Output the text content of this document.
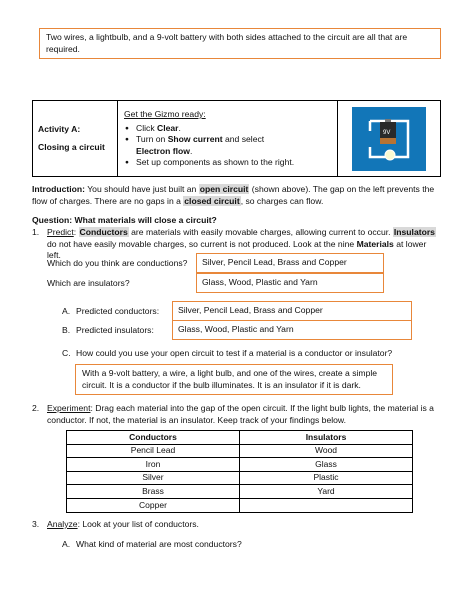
Two wires, a lightbulb, and a 9-volt battery with both sides attached to the circuit are all that are required.
Activity A:
Closing a circuit

Get the Gizmo ready:
● Click Clear.
● Turn on Show current and select
Electron flow.
● Set up components as shown to the right.

9V
Introduction: You should have just built an open circuit (shown above). The gap on the left prevents the flow of charges. There are no gaps in a closed circuit, so charges can flow.
Question: What materials will close a circuit?
1. Predict: Conductors are materials with easily movable charges, allowing current to occur. Insulators do not have easily movable charges, so current is not produced. Look at the nine Materials at lower left.
Which do you think are conductions?	Silver, Pencil Lead, Brass and Copper
Which are insulators?	Glass, Wood, Plastic and Yarn
A. Predicted conductors:	Silver, Pencil Lead, Brass and Copper
B. Predicted insulators:	Glass, Wood, Plastic and Yarn
C. How could you use your open circuit to test if a material is a conductor or insulator?
With a 9-volt battery, a wire, a light bulb, and one of the wires, create a simple circuit. It is a conductor if the bulb illuminates. It is an insulator if it is dark.
2. Experiment: Drag each material into the gap of the open circuit. If the light bulb lights, the material is a conductor. If not, the material is an insulator. Keep track of your findings below.
Conductors	Insulators
Pencil Lead	Wood
Iron	Glass
Silver	Plastic
Brass	Yard
Copper	
3. Analyze: Look at your list of conductors.
A. What kind of material are most conductors?
